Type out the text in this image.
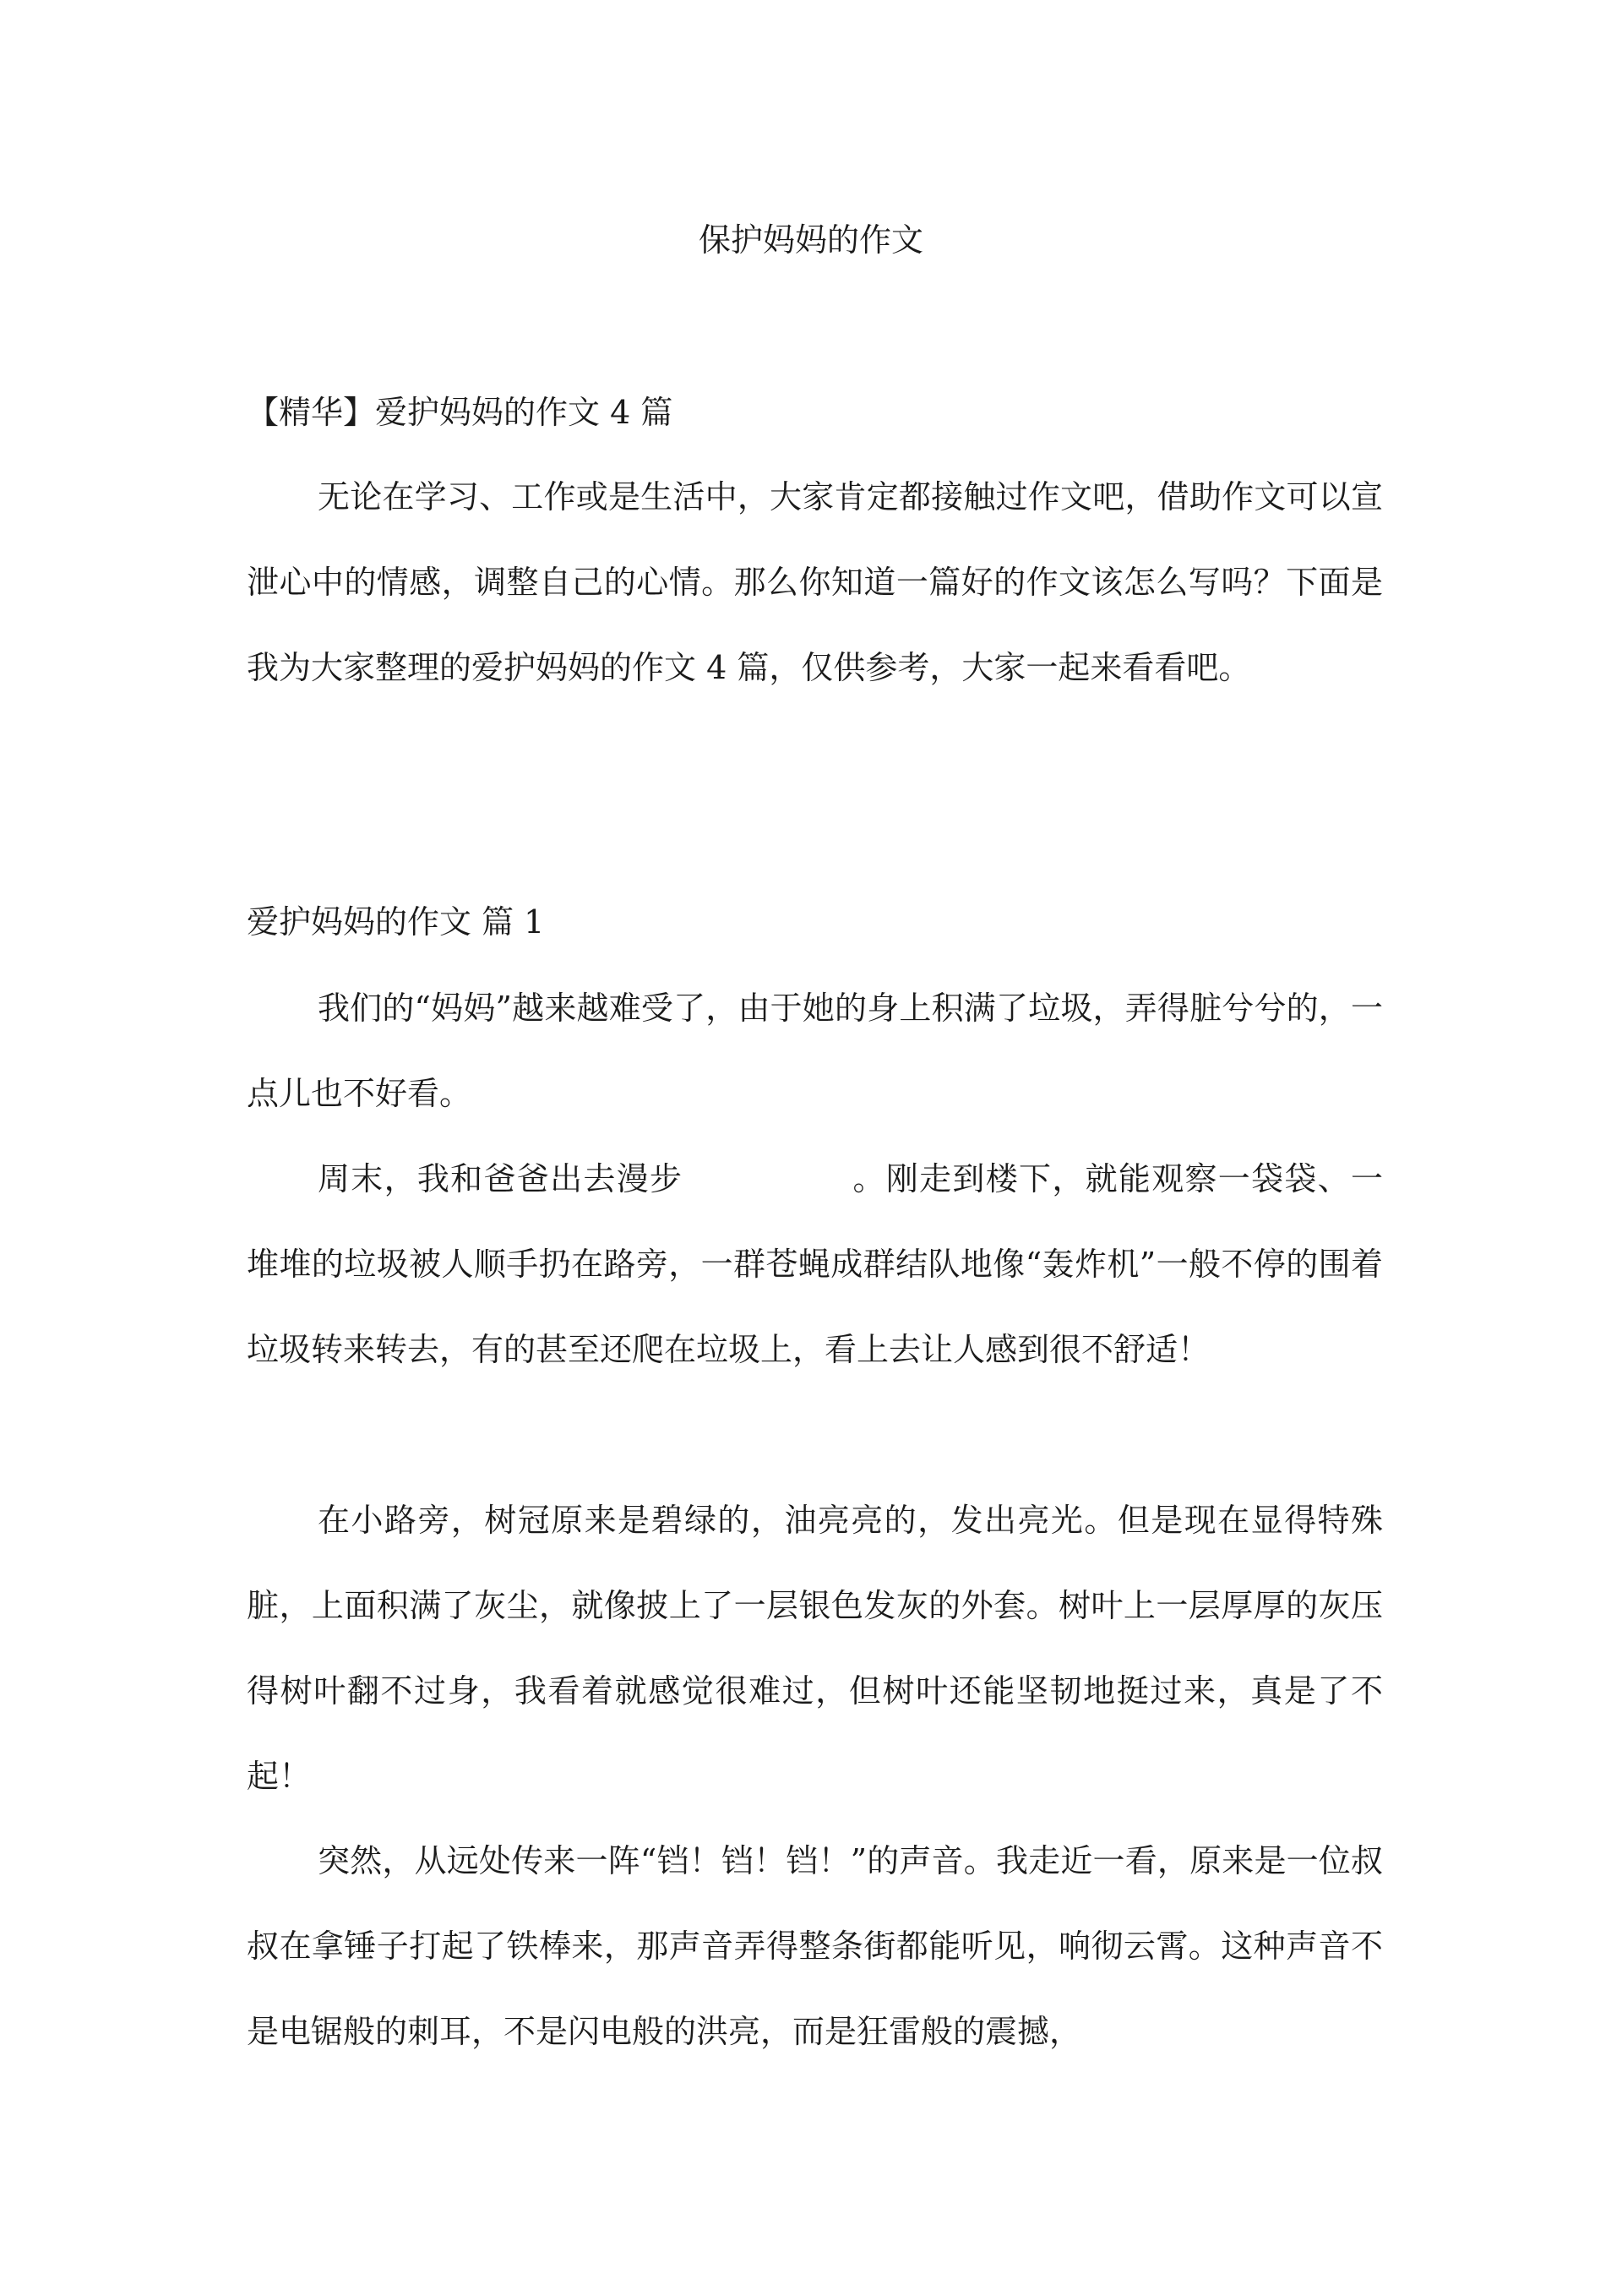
保护妈妈的作文
【精华】爱护妈妈的作文 4 篇

无论在学习、工作或是生活中，大家肯定都接触过作文吧，借助作文可以宣泄心中的情感，调整自己的心情。那么你知道一篇好的作文该怎么写吗？下面是我为大家整理的爱护妈妈的作文 4 篇，仅供参考，大家一起来看看吧。

爱护妈妈的作文 篇 1

我们的“妈妈”越来越难受了，由于她的身上积满了垃圾，弄得脏兮兮的，一点儿也不好看。

周末，我和爸爸出去漫步	。刚走到楼下，就能观察一袋袋、一堆堆的垃圾被人顺手扔在路旁，一群苍蝇成群结队地像“轰炸机”一般不停的围着垃圾转来转去，有的甚至还爬在垃圾上，看上去让人感到很不舒适！

在小路旁，树冠原来是碧绿的，油亮亮的，发出亮光。但是现在显得特殊脏，上面积满了灰尘，就像披上了一层银色发灰的外套。树叶上一层厚厚的灰压得树叶翻不过身，我看着就感觉很难过，但树叶还能坚韧地挺过来，真是了不起！

突然，从远处传来一阵“铛！铛！铛！”的声音。我走近一看，原来是一位叔叔在拿锤子打起了铁棒来，那声音弄得整条街都能听见，响彻云霄。这种声音不是电锯般的刺耳，不是闪电般的洪亮，而是狂雷般的震撼，
